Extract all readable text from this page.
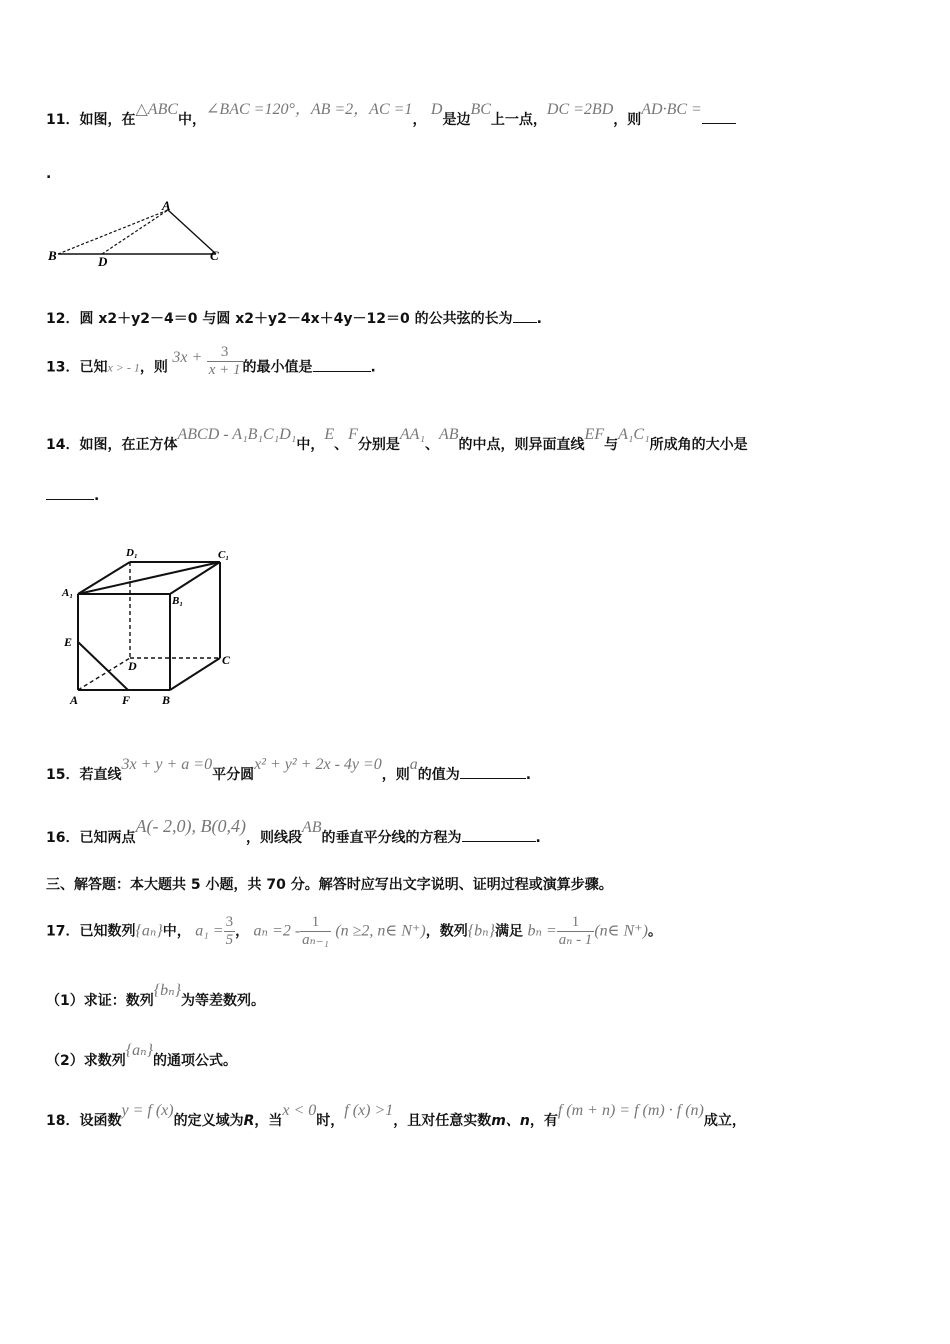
11．如图，在△ABC中，∠BAC =120°，AB =2，AC =1， D是边BC上一点，DC =2BD，则AD·BC =
.
A
B	D	C
12．圆 x2＋y2－4＝0 与圆 x2＋y2－4x＋4y－12＝0 的公共弦的长为 .
13．已知x > - 1，则 $3x + \frac{3}{x + 1}$ 的最小值是	.
14．如图，在正方体ABCD - A₁B₁C₁D₁中，E、F分别是AA₁、AB的中点，则异面直线EF与A₁C₁所成角的大小是
.
D₁	C₁
A₁
B₁
E
D	C
A	F	B
15．若直线3x + y + a =0平分圆x² + y² + 2x - 4y =0，则a的值为	.
16．已知两点A(- 2,0), B(0,4)，则线段AB的垂直平分线的方程为	.
三、解答题：本大题共 5 小题，共 70 分。解答时应写出文字说明、证明过程或演算步骤。
17．已知数列{aₙ}中， $a_1 = \frac{3}{5}$ ， $a_n =2 - \frac{1}{\text{aₙ₋₁}} (n \ge 2$, n∈ N⁺)，数列{bₙ}满足 $b_n = \frac{1}{\text{aₙ - 1}}$ (n∈ N⁺)。
（1）求证：数列{bₙ}为等差数列。
（2）求数列{aₙ}的通项公式。
18．设函数y = f (x)的定义域为R，当x < 0时，f (x) >1，且对任意实数m、n，有f (m + n) = f (m) · f (n)成立，
